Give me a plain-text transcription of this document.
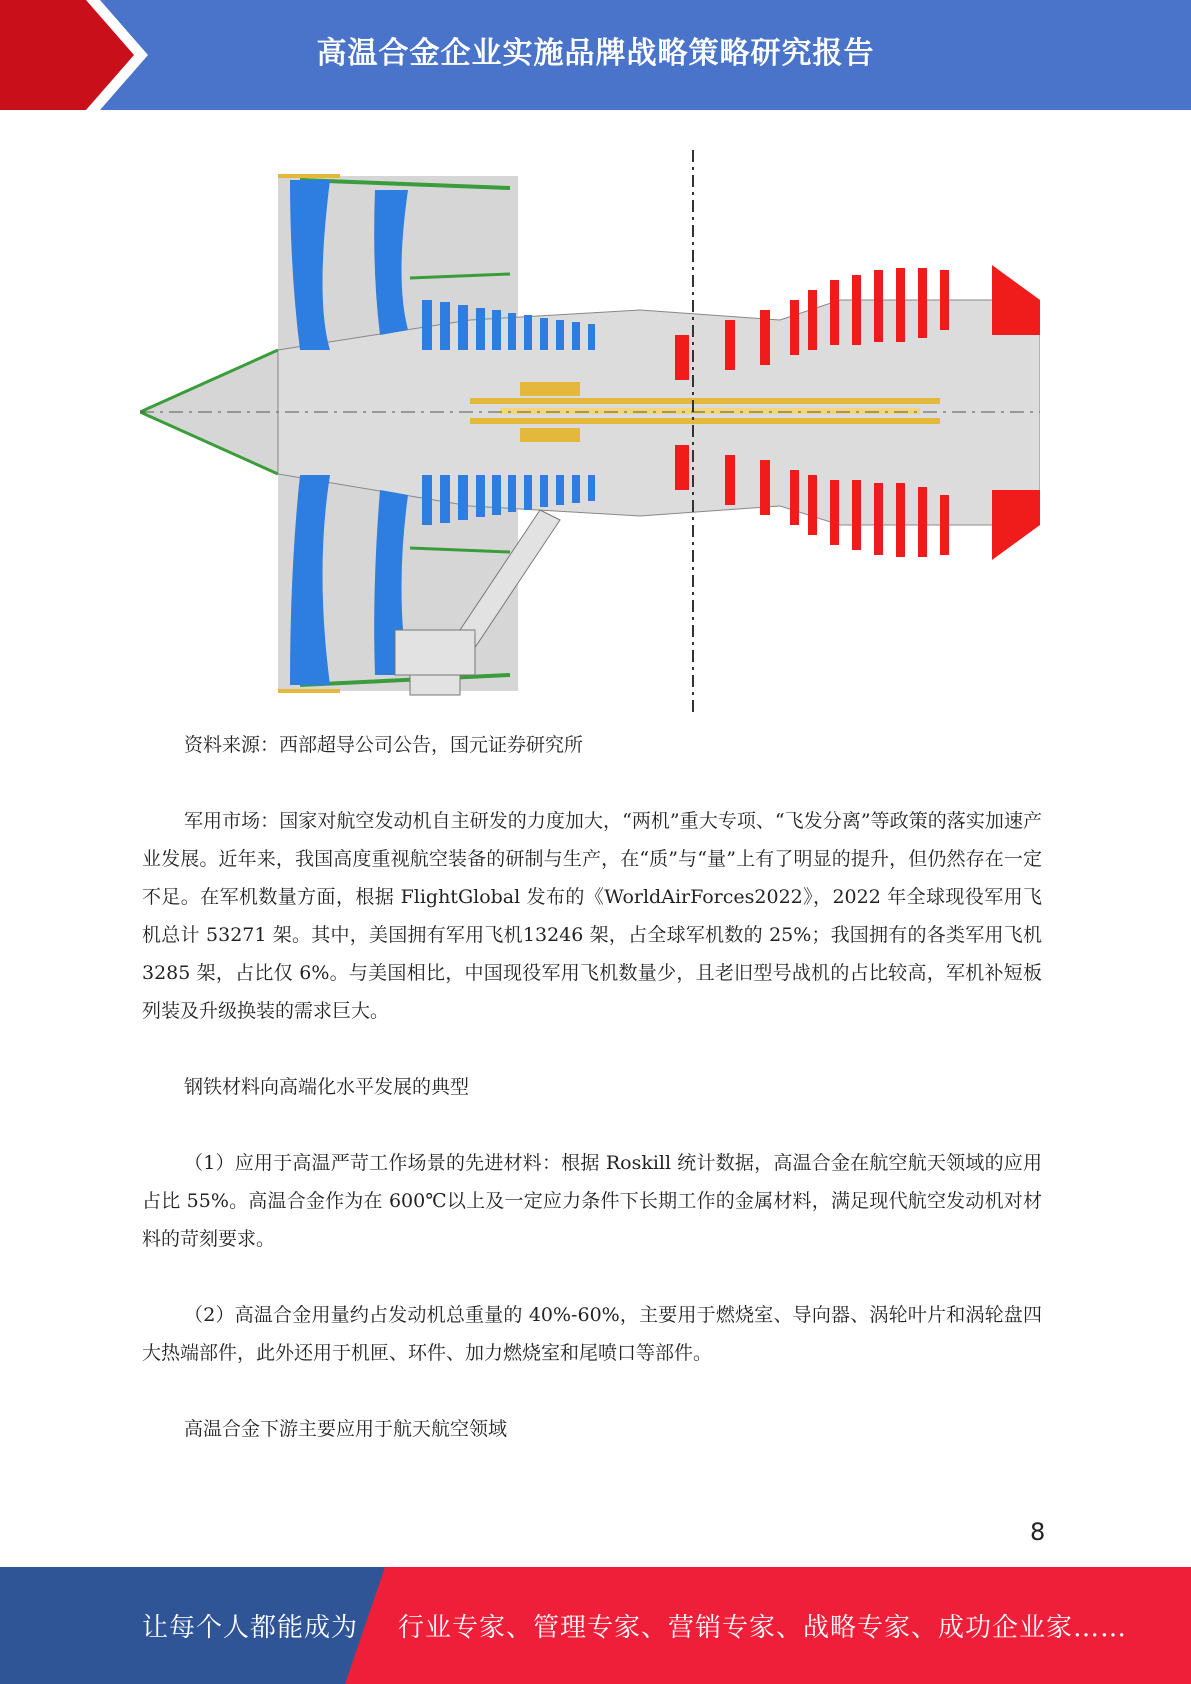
高温合金企业实施品牌战略策略研究报告

资料来源：西部超导公司公告，国元证券研究所

军用市场：国家对航空发动机自主研发的力度加大，“两机”重大专项、“飞发分离”等政策的落实加速产业发展。近年来，我国高度重视航空装备的研制与生产，在“质”与“量”上有了明显的提升，但仍然存在一定不足。在军机数量方面，根据 FlightGlobal 发布的《WorldAirForces2022》，2022 年全球现役军用飞机总计 53271 架。其中，美国拥有军用飞机13246 架，占全球军机数的 25%；我国拥有的各类军用飞机 3285 架，占比仅 6%。与美国相比，中国现役军用飞机数量少，且老旧型号战机的占比较高，军机补短板列装及升级换装的需求巨大。

钢铁材料向高端化水平发展的典型

（1）应用于高温严苛工作场景的先进材料：根据 Roskill 统计数据，高温合金在航空航天领域的应用占比 55%。高温合金作为在 600℃以上及一定应力条件下长期工作的金属材料，满足现代航空发动机对材料的苛刻要求。

（2）高温合金用量约占发动机总重量的 40%-60%，主要用于燃烧室、导向器、涡轮叶片和涡轮盘四大热端部件，此外还用于机匣、环件、加力燃烧室和尾喷口等部件。

高温合金下游主要应用于航天航空领域

8
让每个人都能成为 行业专家、管理专家、营销专家、战略专家、成功企业家……
